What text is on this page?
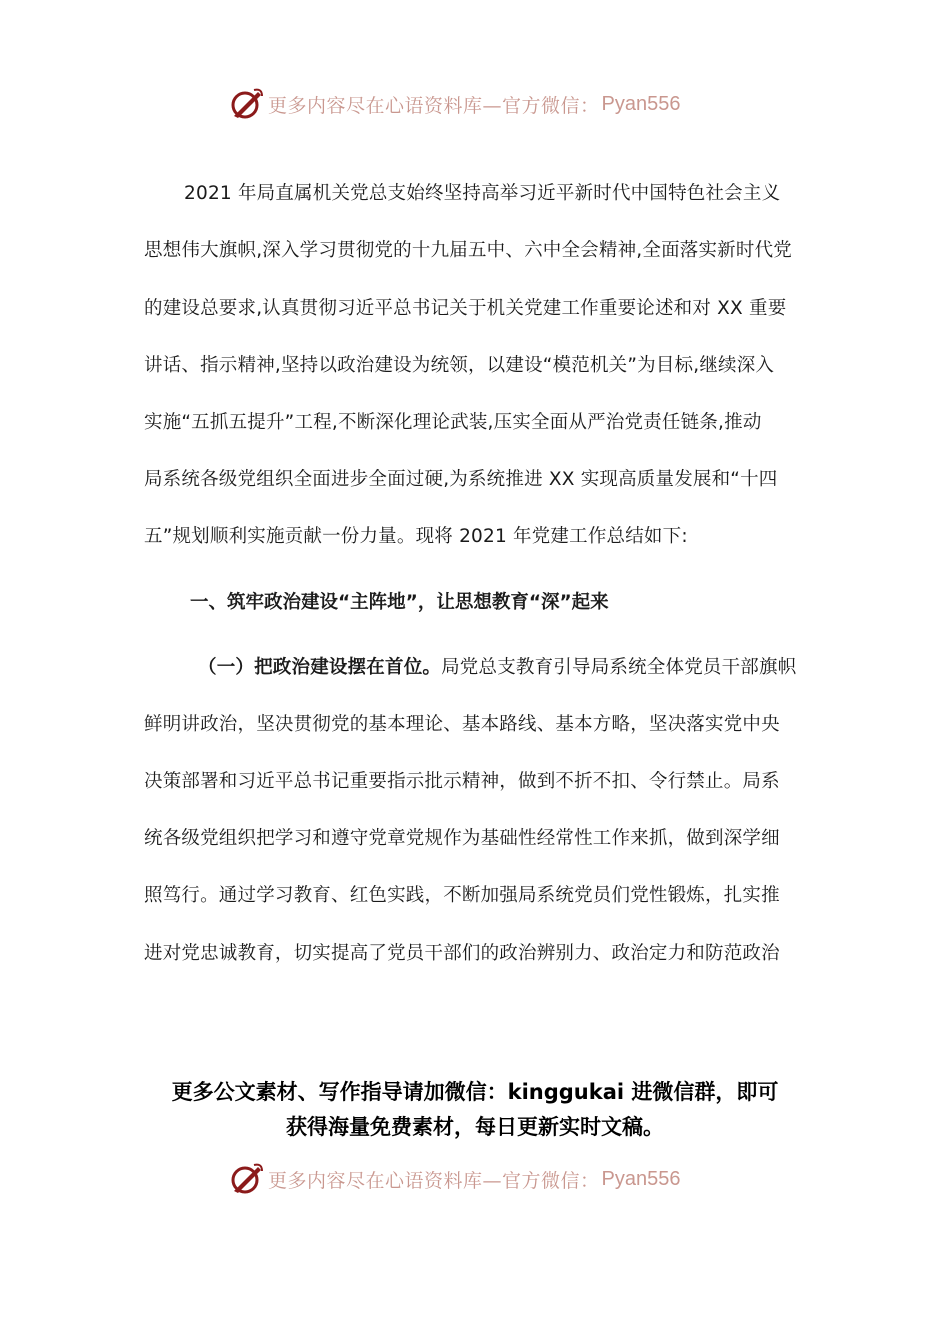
更多内容尽在心语资料库—官方微信： Pyan556
2021 年局直属机关党总支始终坚持高举习近平新时代中国特色社会主义
思想伟大旗帜,深入学习贯彻党的十九届五中、六中全会精神,全面落实新时代党
的建设总要求,认真贯彻习近平总书记关于机关党建工作重要论述和对 XX 重要
讲话、指示精神,坚持以政治建设为统领，以建设“模范机关”为目标,继续深入
实施“五抓五提升”工程,不断深化理论武装,压实全面从严治党责任链条,推动
局系统各级党组织全面进步全面过硬,为系统推进 XX 实现高质量发展和“十四
五”规划顺利实施贡献一份力量。现将 2021 年党建工作总结如下:
一、筑牢政治建设“主阵地”，让思想教育“深”起来
（一）把政治建设摆在首位。局党总支教育引导局系统全体党员干部旗帜
鲜明讲政治，坚决贯彻党的基本理论、基本路线、基本方略，坚决落实党中央
决策部署和习近平总书记重要指示批示精神，做到不折不扣、令行禁止。局系
统各级党组织把学习和遵守党章党规作为基础性经常性工作来抓，做到深学细
照笃行。通过学习教育、红色实践，不断加强局系统党员们党性锻炼，扎实推
进对党忠诚教育，切实提高了党员干部们的政治辨别力、政治定力和防范政治
更多公文素材、写作指导请加微信：kinggukai 进微信群，即可
获得海量免费素材，每日更新实时文稿。
更多内容尽在心语资料库—官方微信： Pyan556
